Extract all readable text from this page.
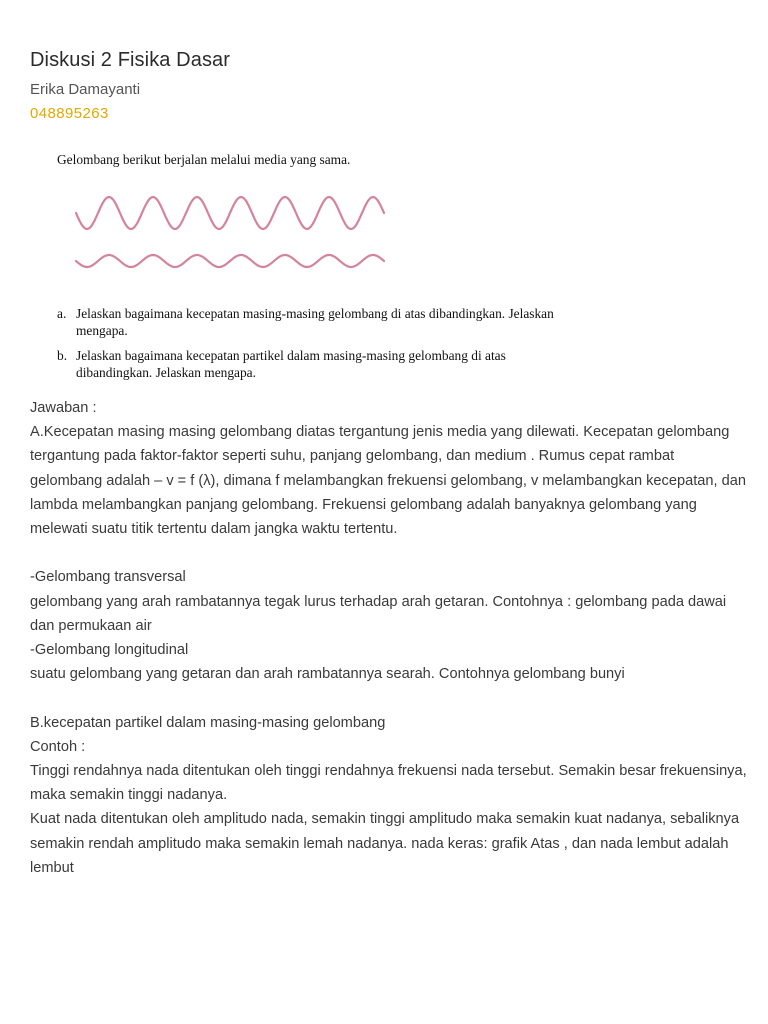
Diskusi 2 Fisika Dasar
Erika Damayanti
048895263
Gelombang berikut berjalan melalui media yang sama.
a. Jelaskan bagaimana kecepatan masing-masing gelombang di atas dibandingkan. Jelaskan mengapa.
b. Jelaskan bagaimana kecepatan partikel dalam masing-masing gelombang di atas dibandingkan. Jelaskan mengapa.

Jawaban :

A.Kecepatan masing masing gelombang diatas tergantung jenis media yang dilewati. Kecepatan gelombang tergantung pada faktor-faktor seperti suhu, panjang gelombang, dan medium . Rumus cepat rambat gelombang adalah – v = f (λ), dimana f melambangkan frekuensi gelombang, v melambangkan kecepatan, dan lambda melambangkan panjang gelombang. Frekuensi gelombang adalah banyaknya gelombang yang melewati suatu titik tertentu dalam jangka waktu tertentu.

-Gelombang transversal

gelombang yang arah rambatannya tegak lurus terhadap arah getaran. Contohnya : gelombang pada dawai dan permukaan air

-Gelombang longitudinal

suatu gelombang yang getaran dan arah rambatannya searah. Contohnya gelombang bunyi

B.kecepatan partikel dalam masing-masing gelombang

Contoh :

Tinggi rendahnya nada ditentukan oleh tinggi rendahnya frekuensi nada tersebut. Semakin besar frekuensinya, maka semakin tinggi nadanya.

Kuat nada ditentukan oleh amplitudo nada, semakin tinggi amplitudo maka semakin kuat nadanya, sebaliknya semakin rendah amplitudo maka semakin lemah nadanya. nada keras: grafik Atas , dan nada lembut adalah lembut
